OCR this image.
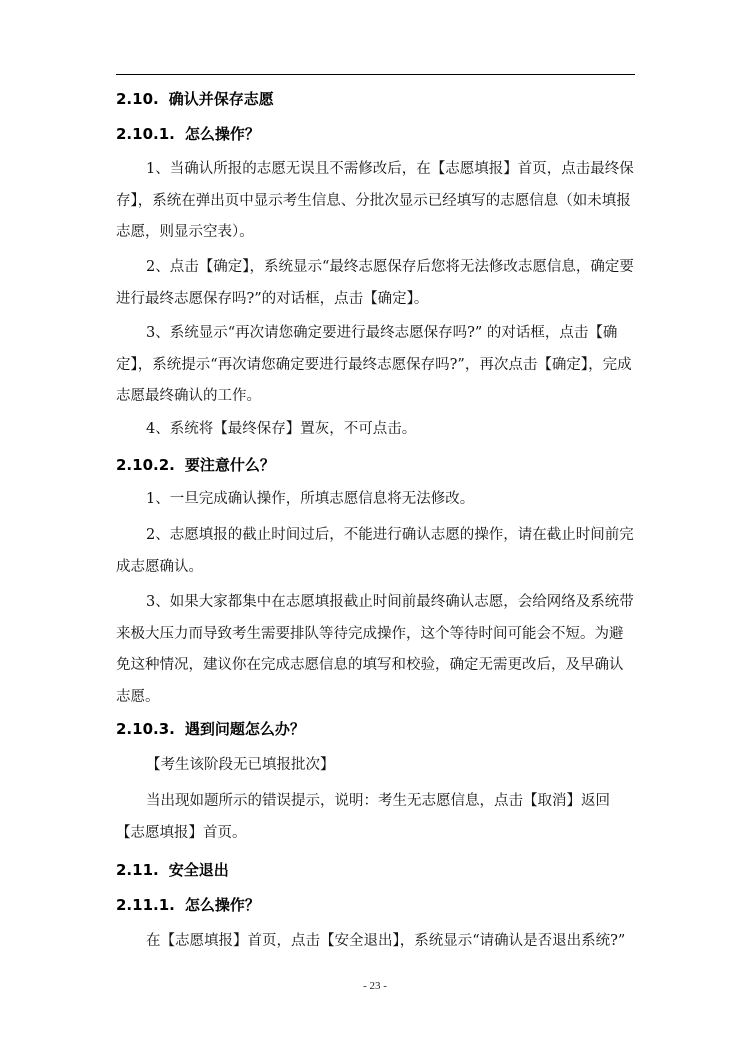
2.10. 确认并保存志愿
2.10.1. 怎么操作？

1、当确认所报的志愿无误且不需修改后，在【志愿填报】首页，点击最终保存】，系统在弹出页中显示考生信息、分批次显示已经填写的志愿信息（如未填报志愿，则显示空表）。

2、点击【确定】，系统显示“最终志愿保存后您将无法修改志愿信息，确定要进行最终志愿保存吗?”的对话框，点击【确定】。

3、系统显示“再次请您确定要进行最终志愿保存吗?” 的对话框，点击【确定】，系统提示“再次请您确定要进行最终志愿保存吗?”，再次点击【确定】，完成志愿最终确认的工作。

4、系统将【最终保存】置灰，不可点击。

2.10.2. 要注意什么？

1、一旦完成确认操作，所填志愿信息将无法修改。

2、志愿填报的截止时间过后，不能进行确认志愿的操作，请在截止时间前完成志愿确认。

3、如果大家都集中在志愿填报截止时间前最终确认志愿，会给网络及系统带来极大压力而导致考生需要排队等待完成操作，这个等待时间可能会不短。为避免这种情况，建议你在完成志愿信息的填写和校验，确定无需更改后，及早确认志愿。

2.10.3. 遇到问题怎么办？

【考生该阶段无已填报批次】

当出现如题所示的错误提示，说明：考生无志愿信息，点击【取消】返回【志愿填报】首页。

2.11. 安全退出
2.11.1. 怎么操作？

在【志愿填报】首页，点击【安全退出】，系统显示“请确认是否退出系统?”

- 23 -
